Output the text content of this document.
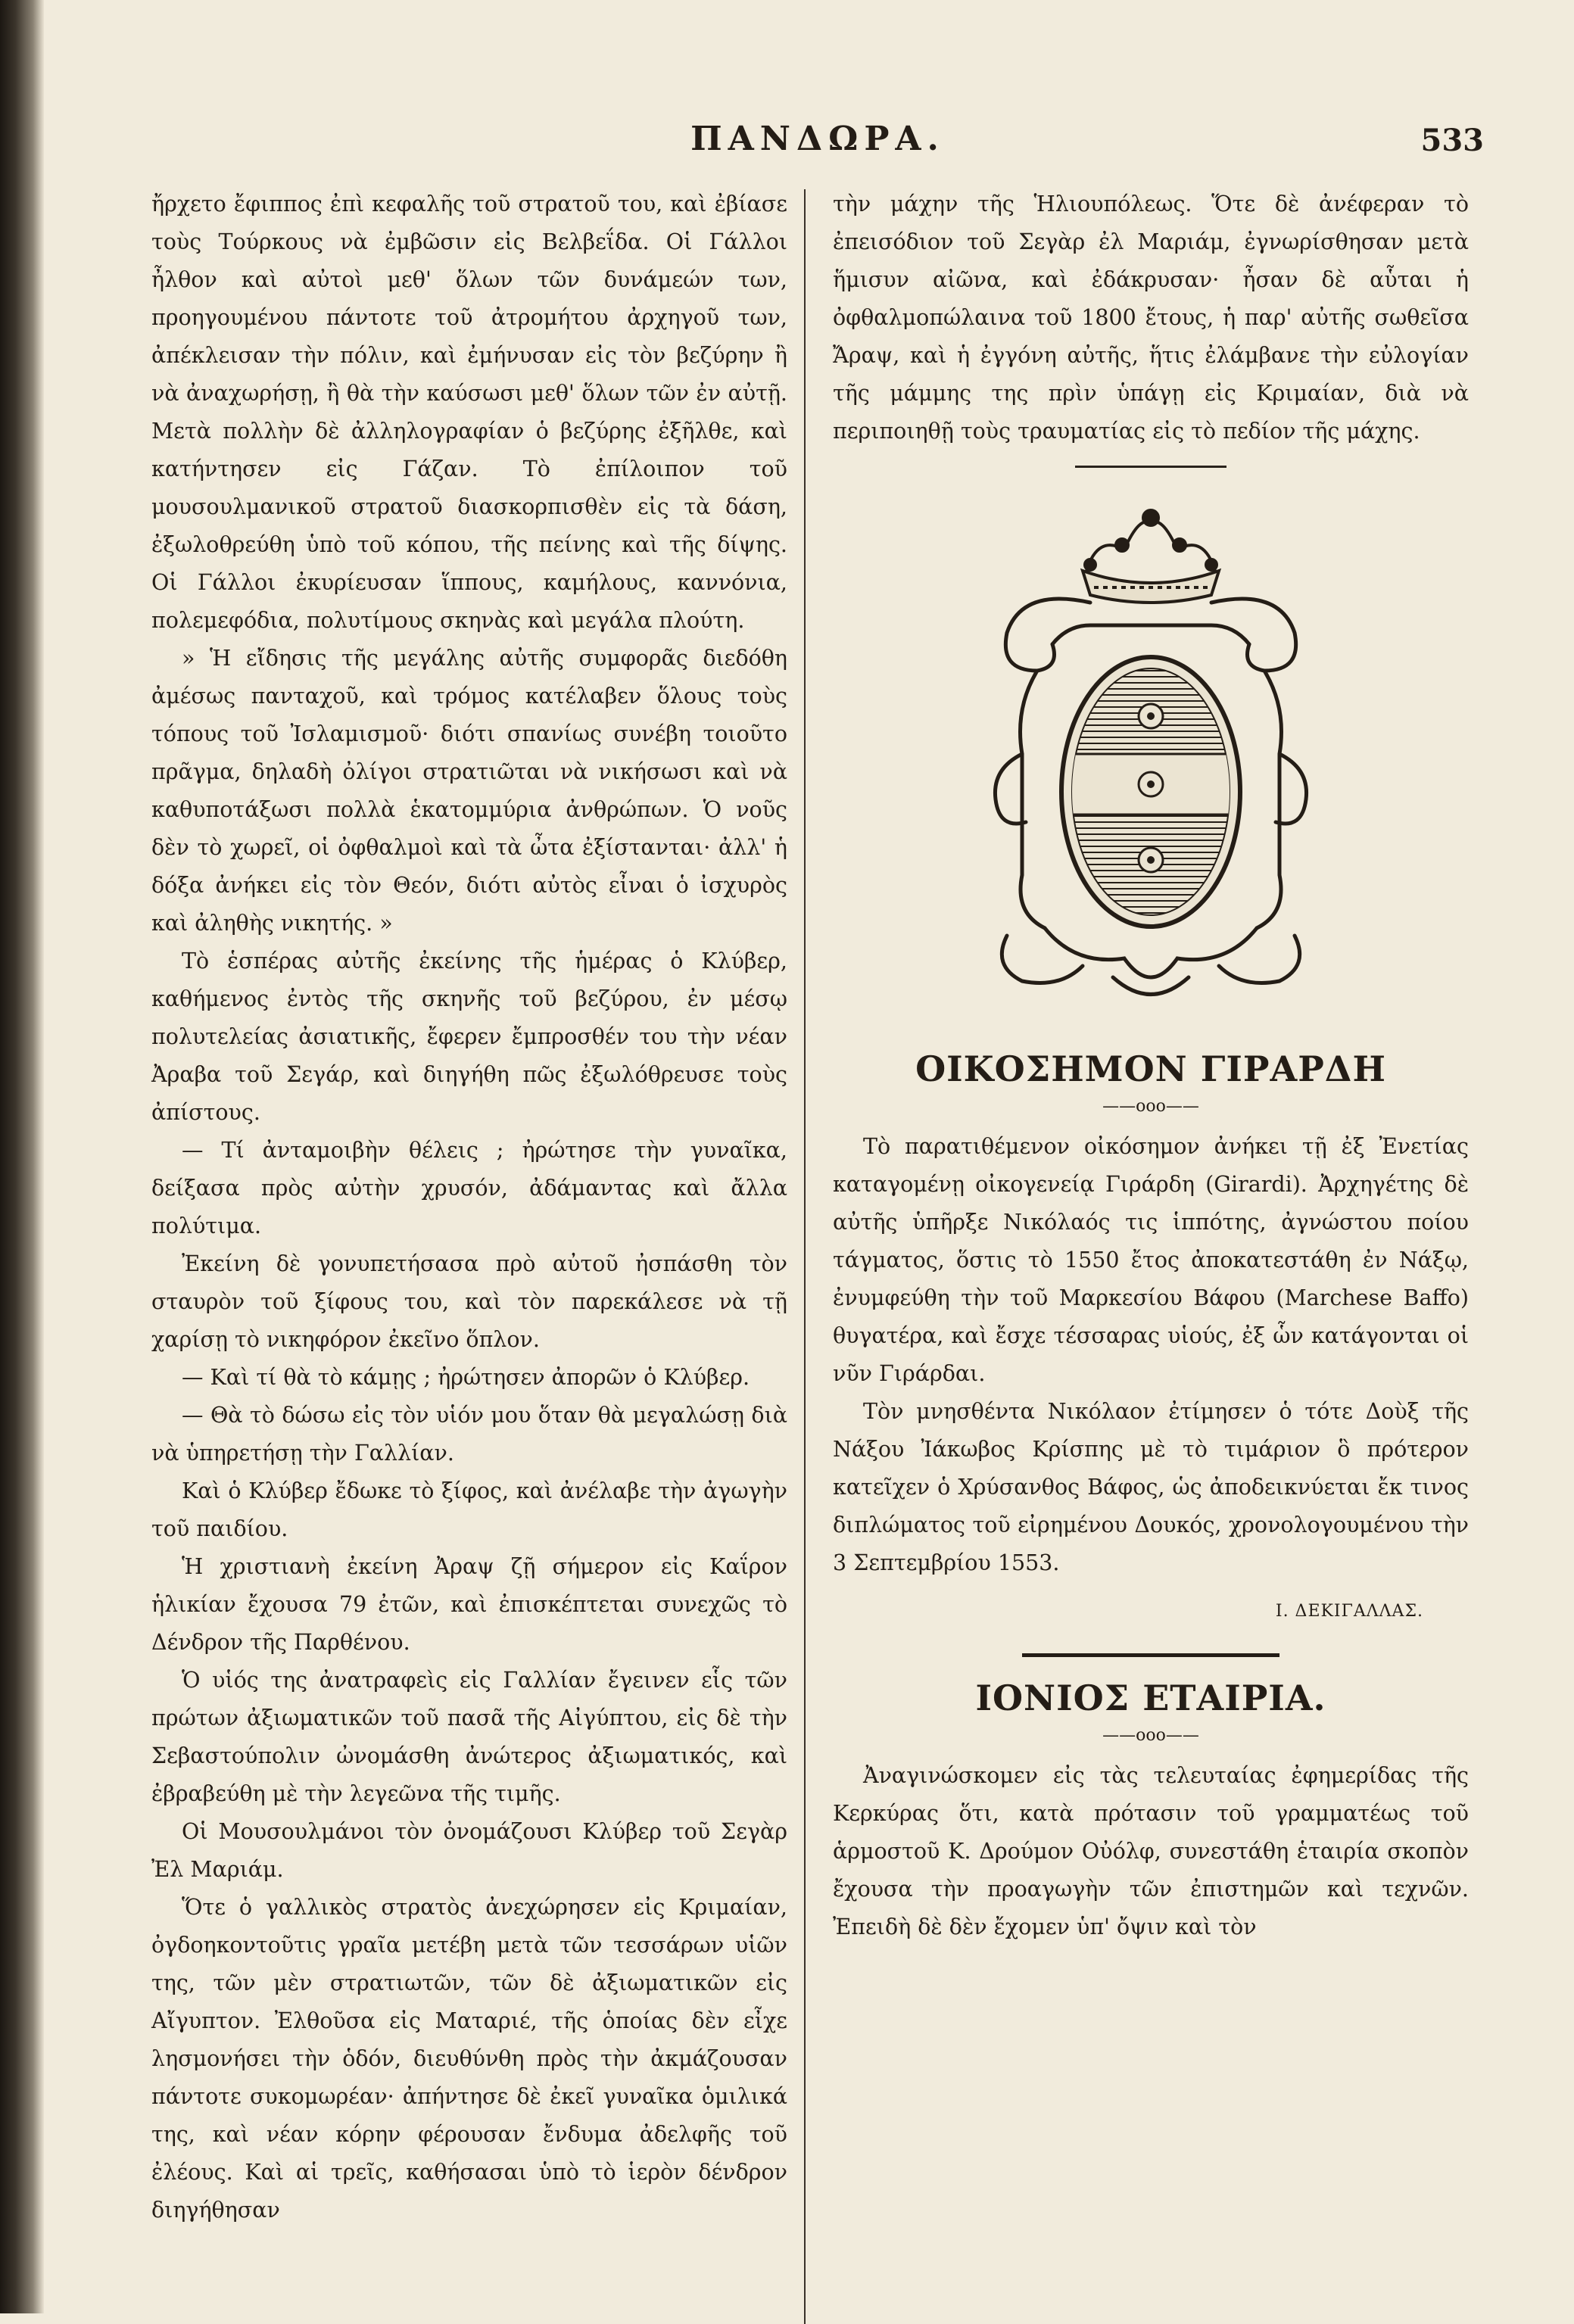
ΠΑΝΔΩΡΑ.	533

ἤρχετο ἔφιππος ἐπὶ κεφαλῆς τοῦ στρατοῦ του, καὶ ἐβίασε τοὺς Τούρκους νὰ ἐμβῶσιν εἰς Βελβεΐδα. Οἱ Γάλλοι ἦλθον καὶ αὐτοὶ μεθ' ὅλων τῶν δυνάμεών των, προηγουμένου πάντοτε τοῦ ἀτρομήτου ἀρχηγοῦ των, ἀπέκλεισαν τὴν πόλιν, καὶ ἐμήνυσαν εἰς τὸν βεζύρην ἢ νὰ ἀναχωρήσῃ, ἢ θὰ τὴν καύσωσι μεθ' ὅλων τῶν ἐν αὐτῇ. Μετὰ πολλὴν δὲ ἀλληλογραφίαν ὁ βεζύρης ἐξῆλθε, καὶ κατήντησεν εἰς Γάζαν. Τὸ ἐπίλοιπον τοῦ μουσουλμανικοῦ στρατοῦ διασκορπισθὲν εἰς τὰ δάση, ἐξωλοθρεύθη ὑπὸ τοῦ κόπου, τῆς πείνης καὶ τῆς δίψης. Οἱ Γάλλοι ἐκυρίευσαν ἵππους, καμήλους, καννόνια, πολεμεφόδια, πολυτίμους σκηνὰς καὶ μεγάλα πλούτη.

» Ἡ εἴδησις τῆς μεγάλης αὐτῆς συμφορᾶς διεδόθη ἀμέσως πανταχοῦ, καὶ τρόμος κατέλαβεν ὅλους τοὺς τόπους τοῦ Ἰσλαμισμοῦ· διότι σπανίως συνέβη τοιοῦτο πρᾶγμα, δηλαδὴ ὀλίγοι στρατιῶται νὰ νικήσωσι καὶ νὰ καθυποτάξωσι πολλὰ ἑκατομμύρια ἀνθρώπων. Ὁ νοῦς δὲν τὸ χωρεῖ, οἱ ὀφθαλμοὶ καὶ τὰ ὦτα ἐξίστανται· ἀλλ' ἡ δόξα ἀνήκει εἰς τὸν Θεόν, διότι αὐτὸς εἶναι ὁ ἰσχυρὸς καὶ ἀληθὴς νικητής. »

Τὸ ἑσπέρας αὐτῆς ἐκείνης τῆς ἡμέρας ὁ Κλύβερ, καθήμενος ἐντὸς τῆς σκηνῆς τοῦ βεζύρου, ἐν μέσῳ πολυτελείας ἀσιατικῆς, ἔφερεν ἔμπροσθέν του τὴν νέαν Ἀραβα τοῦ Σεγάρ, καὶ διηγήθη πῶς ἐξωλόθρευσε τοὺς ἀπίστους.

— Τί ἀνταμοιβὴν θέλεις ; ἠρώτησε τὴν γυναῖκα, δείξασα πρὸς αὐτὴν χρυσόν, ἀδάμαντας καὶ ἄλλα πολύτιμα.

Ἐκείνη δὲ γονυπετήσασα πρὸ αὐτοῦ ἠσπάσθη τὸν σταυρὸν τοῦ ξίφους του, καὶ τὸν παρεκάλεσε νὰ τῇ χαρίσῃ τὸ νικηφόρον ἐκεῖνο ὅπλον.

— Καὶ τί θὰ τὸ κάμῃς ; ἠρώτησεν ἀπορῶν ὁ Κλύβερ.

— Θὰ τὸ δώσω εἰς τὸν υἱόν μου ὅταν θὰ μεγαλώσῃ διὰ νὰ ὑπηρετήσῃ τὴν Γαλλίαν.

Καὶ ὁ Κλύβερ ἔδωκε τὸ ξίφος, καὶ ἀνέλαβε τὴν ἀγωγὴν τοῦ παιδίου.

Ἡ χριστιανὴ ἐκείνη Ἀραψ ζῇ σήμερον εἰς Καΐρον ἡλικίαν ἔχουσα 79 ἐτῶν, καὶ ἐπισκέπτεται συνεχῶς τὸ Δένδρον τῆς Παρθένου.

Ὁ υἱός της ἀνατραφεὶς εἰς Γαλλίαν ἔγεινεν εἷς τῶν πρώτων ἀξιωματικῶν τοῦ πασᾶ τῆς Αἰγύπτου, εἰς δὲ τὴν Σεβαστούπολιν ὠνομάσθη ἀνώτερος ἀξιωματικός, καὶ ἐβραβεύθη μὲ τὴν λεγεῶνα τῆς τιμῆς.

Οἱ Μουσουλμάνοι τὸν ὀνομάζουσι Κλύβερ τοῦ Σεγὰρ Ἐλ Μαριάμ.

Ὅτε ὁ γαλλικὸς στρατὸς ἀνεχώρησεν εἰς Κριμαίαν, ὀγδοηκοντοῦτις γραῖα μετέβη μετὰ τῶν τεσσάρων υἱῶν της, τῶν μὲν στρατιωτῶν, τῶν δὲ ἀξιωματικῶν εἰς Αἴγυπτον. Ἐλθοῦσα εἰς Ματαριέ, τῆς ὁποίας δὲν εἶχε λησμονήσει τὴν ὁδόν, διευθύνθη πρὸς τὴν ἀκμάζουσαν πάντοτε συκομωρέαν· ἀπήντησε δὲ ἐκεῖ γυναῖκα ὁμιλικά της, καὶ νέαν κόρην φέρουσαν ἔνδυμα ἀδελφῆς τοῦ ἐλέους. Καὶ αἱ τρεῖς, καθήσασαι ὑπὸ τὸ ἱερὸν δένδρον διηγήθησαν

τὴν μάχην τῆς Ἡλιουπόλεως. Ὅτε δὲ ἀνέφεραν τὸ ἐπεισόδιον τοῦ Σεγὰρ ἐλ Μαριάμ, ἐγνωρίσθησαν μετὰ ἥμισυν αἰῶνα, καὶ ἐδάκρυσαν· ἦσαν δὲ αὗται ἡ ὀφθαλμοπώλαινα τοῦ 1800 ἔτους, ἡ παρ' αὐτῆς σωθεῖσα Ἄραψ, καὶ ἡ ἐγγόνη αὐτῆς, ἥτις ἐλάμβανε τὴν εὐλογίαν τῆς μάμμης της πρὶν ὑπάγῃ εἰς Κριμαίαν, διὰ νὰ περιποιηθῇ τοὺς τραυματίας εἰς τὸ πεδίον τῆς μάχης.

ΟΙΚΟΣΗΜΟΝ ΓΙΡΑΡΔΗ
——ooo——

Τὸ παρατιθέμενον οἰκόσημον ἀνήκει τῇ ἐξ Ἐνετίας καταγομένῃ οἰκογενείᾳ Γιράρδη (Girardi). Ἀρχηγέτης δὲ αὐτῆς ὑπῆρξε Νικόλαός τις ἱππότης, ἀγνώστου ποίου τάγματος, ὅστις τὸ 1550 ἔτος ἀποκατεστάθη ἐν Νάξῳ, ἐνυμφεύθη τὴν τοῦ Μαρκεσίου Βάφου (Marchese Baffo) θυγατέρα, καὶ ἔσχε τέσσαρας υἱούς, ἐξ ὧν κατάγονται οἱ νῦν Γιράρδαι.

Τὸν μνησθέντα Νικόλαον ἐτίμησεν ὁ τότε Δοὺξ τῆς Νάξου Ἰάκωβος Κρίσπης μὲ τὸ τιμάριον ὃ πρότερον κατεῖχεν ὁ Χρύσανθος Βάφος, ὡς ἀποδεικνύεται ἔκ τινος διπλώματος τοῦ εἰρημένου Δουκός, χρονολογουμένου τὴν 3 Σεπτεμβρίου 1553.

I. ΔΕΚΙΓΑΛΛΑΣ.
ΙΟΝΙΟΣ ΕΤΑΙΡΙΑ.
——ooo——

Ἀναγινώσκομεν εἰς τὰς τελευταίας ἐφημερίδας τῆς Κερκύρας ὅτι, κατὰ πρότασιν τοῦ γραμματέως τοῦ ἁρμοστοῦ Κ. Δρούμον Οὐόλφ, συνεστάθη ἑταιρία σκοπὸν ἔχουσα τὴν προαγωγὴν τῶν ἐπιστημῶν καὶ τεχνῶν. Ἐπειδὴ δὲ δὲν ἔχομεν ὑπ' ὄψιν καὶ τὸν
